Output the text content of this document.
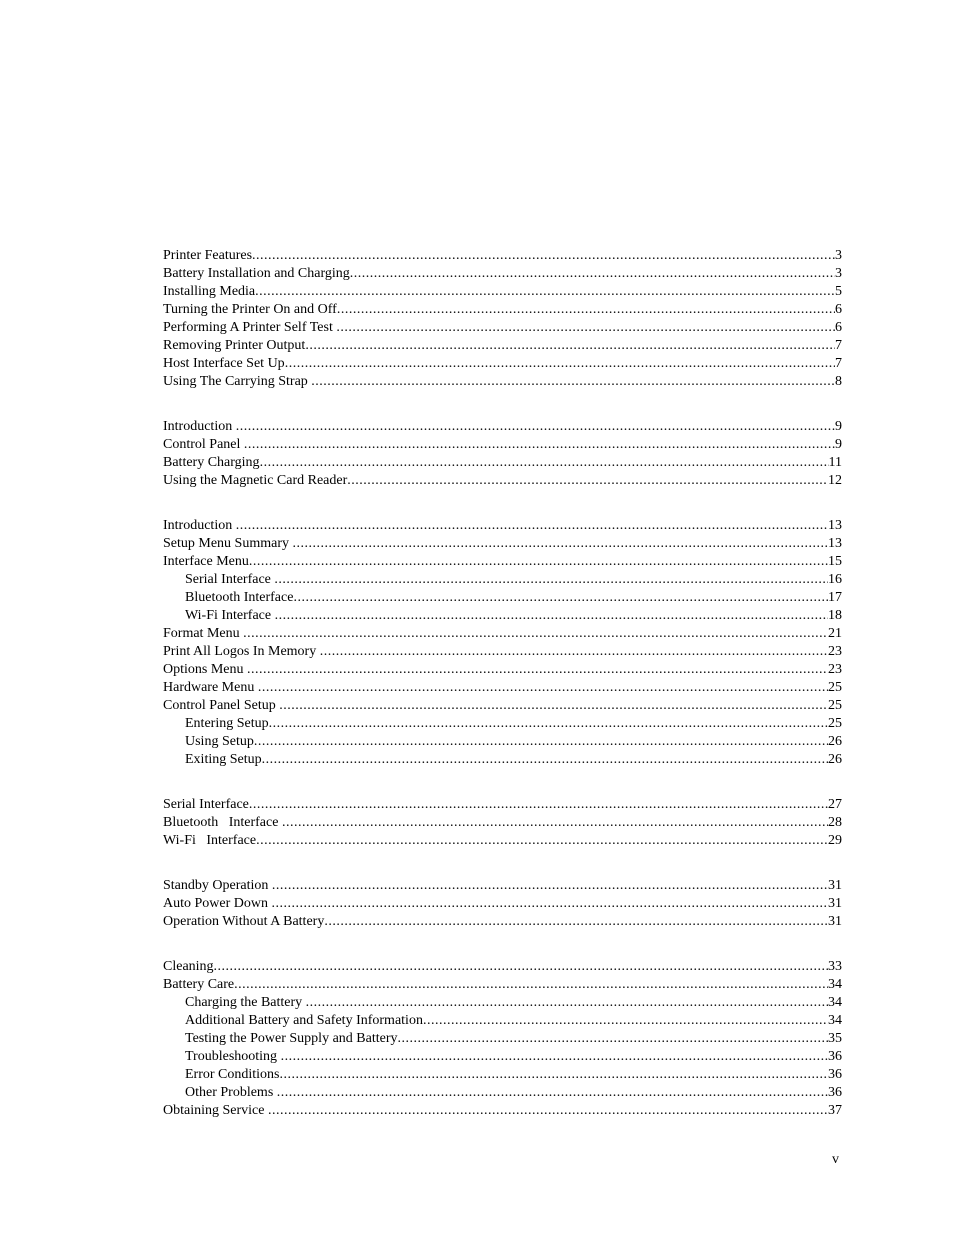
Printer Features .....	3
Battery Installation and Charging .....	3
Installing Media .....	5
Turning the Printer On and Off .....	6
Performing A Printer Self Test .....	6
Removing Printer Output .....	7
Host Interface Set Up .....	7
Using The Carrying Strap .....	8
Introduction .....	9
Control Panel .....	9
Battery Charging .....	11
Using the Magnetic Card Reader .....	12
Introduction .....	13
Setup Menu Summary .....	13
Interface Menu .....	15
Serial Interface .....	16
Bluetooth Interface .....	17
Wi-Fi Interface .....	18
Format Menu .....	21
Print All Logos In Memory .....	23
Options Menu .....	23
Hardware Menu .....	25
Control Panel Setup .....	25
Entering Setup .....	25
Using Setup .....	26
Exiting Setup .....	26
Serial Interface .....	27
Bluetooth   Interface .....	28
Wi-Fi   Interface .....	29
Standby Operation .....	31
Auto Power Down .....	31
Operation Without A Battery .....	31
Cleaning .....	33
Battery Care .....	34
Charging the Battery .....	34
Additional Battery and Safety Information .....	34
Testing the Power Supply and Battery .....	35
Troubleshooting .....	36
Error Conditions .....	36
Other Problems .....	36
Obtaining Service .....	37
v
